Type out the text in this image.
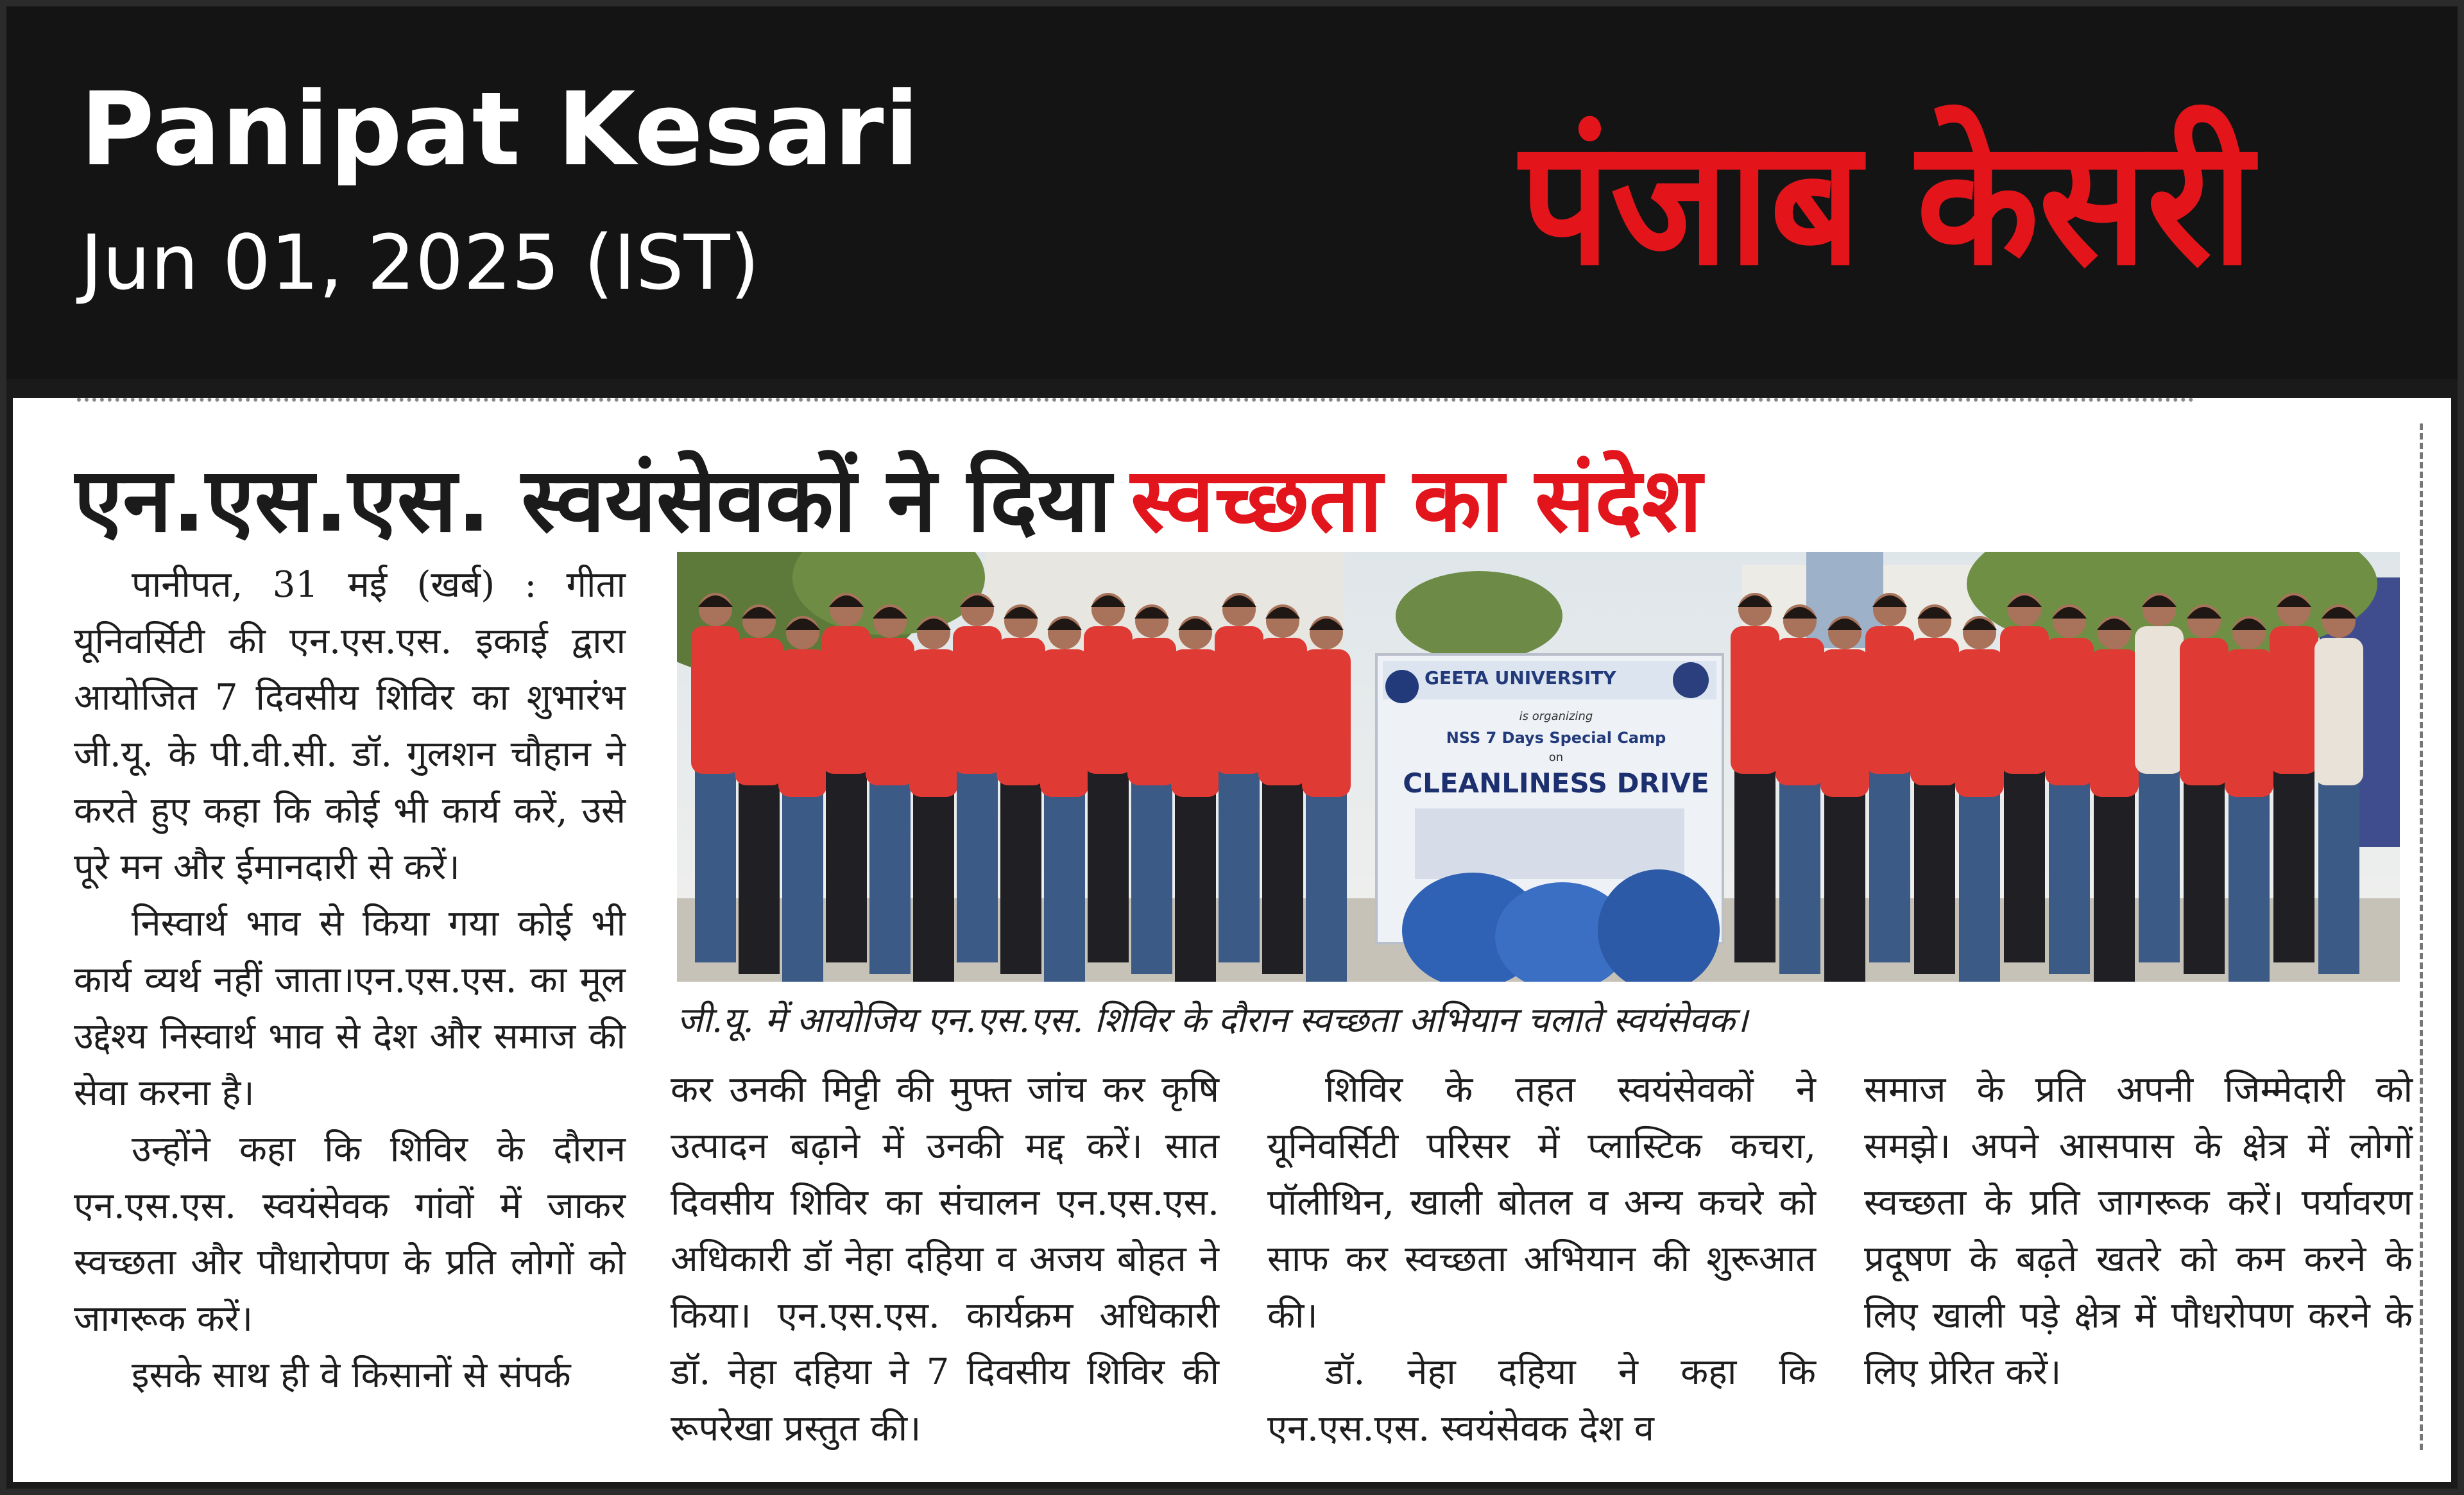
Panipat Kesari
Jun 01, 2025 (IST)	पंजाब केसरी
एन.एस.एस. स्वयंसेवकों ने दिया स्वच्छता का संदेश

पानीपत, 31 मई (खर्ब) : गीता यूनिवर्सिटी की एन.एस.एस. इकाई द्वारा आयोजित 7 दिवसीय शिविर का शुभारंभ जी.यू. के पी.वी.सी. डॉ. गुलशन चौहान ने करते हुए कहा कि कोई भी कार्य करें, उसे पूरे मन और ईमानदारी से करें।

निस्वार्थ भाव से किया गया कोई भी कार्य व्यर्थ नहीं जाता।एन.एस.एस. का मूल उद्देश्य निस्वार्थ भाव से देश और समाज की सेवा करना है।

उन्होंने कहा कि शिविर के दौरान एन.एस.एस. स्वयंसेवक गांवों में जाकर स्वच्छता और पौधारोपण के प्रति लोगों को जागरूक करें।

इसके साथ ही वे किसानों से संपर्क

GEETA UNIVERSITY
is organizing
NSS 7 Days Special Camp
on
CLEANLINESS DRIVE
जी.यू. में आयोजिय एन.एस.एस. शिविर के दौरान स्वच्छता अभियान चलाते स्वयंसेवक।

कर उनकी मिट्टी की मुफ्त जांच कर कृषि उत्पादन बढ़ाने में उनकी मद्द करें। सात दिवसीय शिविर का संचालन एन.एस.एस. अधिकारी डॉ नेहा दहिया व अजय बोहत ने किया। एन.एस.एस. कार्यक्रम अधिकारी डॉ. नेहा दहिया ने 7 दिवसीय शिविर की रूपरेखा प्रस्तुत की।

शिविर के तहत स्वयंसेवकों ने यूनिवर्सिटी परिसर में प्लास्टिक कचरा, पॉलीथिन, खाली बोतल व अन्य कचरे को साफ कर स्वच्छता अभियान की शुरूआत की।

डॉ. नेहा दहिया ने कहा कि एन.एस.एस. स्वयंसेवक देश व

समाज के प्रति अपनी जिम्मेदारी को समझे। अपने आसपास के क्षेत्र में लोगों स्वच्छता के प्रति जागरूक करें। पर्यावरण प्रदूषण के बढ़ते खतरे को कम करने के लिए खाली पड़े क्षेत्र में पौधरोपण करने के लिए प्रेरित करें।
